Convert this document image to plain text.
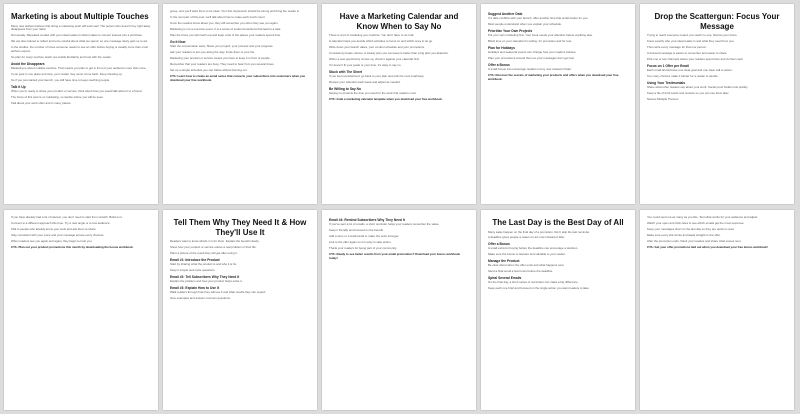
Marketing is about Multiple Touches

Many new authors believe that doing a marketing push will work well. The person who doesn't buy right away disappears from your radar.

Not usually. Repeated contact with your ideal reader is what it takes to convert interest into a purchase.

We are also trained to reflect and to be careful about what we spend, so one message rarely gets us to act.

In the studies, the number of times someone needs to see an offer before buying is usually more than most authors expect.

So plan for many touches. Each one builds familiarity and trust with the reader.

Avoid the Disappears

Marketing is about multiple touches. That means you plan to get in front of your audience more than once.

If you post in one place and stop, your reader may never come back. Keep showing up.

So if you just started your launch, you still have time to keep reaching people.

Talk it Up

When you're ready to share your product or service, think about how you would talk about it to a friend.

The focus of this post is on marketing, so decide where you will be seen.

Talk about your work often and in many places.

group, and you'll want them to be clear. Your first impression should be strong and bring the reader in.

In the next part of this post, we'll talk about how to make each touch count.

Once the readers know about you, they will remember you when they see you again.

Marketing is not a one-time event. It is a series of small connections that lead to a sale.

Plan the times you will reach out and keep a list of the places your readers spend time.

Go it Now

Start the conversation early. Share your project, your process and your progress.

Ask your readers to join you along the way. Invite them to your list.

Marketing your product or service means you have to keep it in front of people.

Remember that your readers are busy. They need to hear from you several times.

Set up a simple schedule you can follow without burning out.

CTA: Learn how to create an email series that converts your subscribers into customers when you download your free workbook.

Have a Marketing Calendar and Know When to Say No

There is a lot of marketing you could do. You don't have to do it all.

A calendar helps you decide which activities to focus on and which ones to let go.

Write down your launch dates, your content schedule and your promotions.

Consistency beats volume. A steady plan you can keep is better than a big plan you abandon.

When a new opportunity comes up, check it against your calendar first.

If it doesn't fit your goals or your time, it's okay to say no.

Stuck with The Sheet

If you feel overwhelmed, go back to your plan and pick the next small step.

Review your calendar each week and adjust as needed.

Be Willing to Say No

Saying no protects the time you need for the work that matters most.

CTA: Grab a marketing calendar template when you download your free workbook.

Suggest Another Date

If a date conflicts with your launch, offer another time that works better for you.

Most people understand when you explain your schedule.

Prioritize Your Own Projects

Put your own marketing first. Your book needs your attention before anything else.

Block time on your calendar for writing, for promotion and for rest.

Plan for Holidays

Holidays and seasonal events can change how your readers behave.

Plan your promotions around them so your messages don't get lost.

Offer a Bonus

A small bonus can encourage readers to buy now instead of later.

CTA: Discover the secrets of marketing your products and offers when you download your free workbook.

Drop the Scattergun: Focus Your Message

Trying to reach everyone means you reach no one. Narrow your focus.

Know exactly who your ideal reader is and what they need from you.

Then write every message for that one person.

A focused message is easier to remember and easier to share.

Pick one or two channels where your readers spend time and do them well.

Focus on 1 Offer per Email

Each email should have one clear goal and one clear call to action.

Too many choices make it harder for a reader to decide.

Using Your Testimonials

Share what other readers say about your work. Social proof builds trust quickly.

Keep a file of kind words and reviews so you can use them later.

Narrow Multiple Themes

If you have already had a lot of interest, you don't need to start from scratch. Build on it.

Connect to a different approach this time. Try a new angle or a new audience.

Talk to people who already know your work and ask them to share.

Stay consistent with your voice and your message across every channel.

When readers see you again and again, they begin to trust you.

CTA: Plan out your product promotions this month by downloading the bonus workbook.

Tell Them Why They Need It & How They'll Use It

Readers want to know what's in it for them. Explain the benefit clearly.

Show how your product or service solves a real problem in their life.

Paint a picture of the result they will get after using it.

Email #1: Introduce the Product

Start by sharing what the product is and who it is for.

Keep it simple and invite questions.

Email #2: Tell Subscribers Why They Need It

Explain the problem and how your product helps solve it.

Email #3: Explain How to Use It

Walk readers through how they will use it and what results they can expect.

Give examples and answer common questions.

Email #4: Remind Subscribers Why They Need It

If you've sent a lot of emails, a short reminder helps your readers remember the value.

Keep it friendly and focused on the benefit.

Add a story or a testimonial to make the point stronger.

Link to the offer again so it is easy to take action.

Thank your readers for being part of your community.

CTA: Ready to see better results from your email promotions? Download your bonus workbook today!

The Last Day is the Best Day of All

Many sales happen on the final day of a promotion. Don't skip the last reminder.

A deadline gives people a reason to act now instead of later.

Offer a Bonus

A small extra for buying before the deadline can encourage a decision.

Make sure the bonus is relevant and valuable to your reader.

Manage the Product

Be clear about when the offer ends and what happens next.

Send a final email a few hours before the deadline.

Spiral Several Emails

On the final day, a short series of reminders can make a big difference.

Keep each one brief and focused on the single action you want readers to take.

You could send out as many as you like. Test what works for your audience and adjust.

Watch your open and click rates to see which emails get the most response.

Keep your messages short on the last day so they are quick to read.

Make sure every link works and leads straight to the offer.

After the promotion ends, thank your readers and share what comes next.

CTA: Get your offer promotions laid out when you download your free bonus workbook!
